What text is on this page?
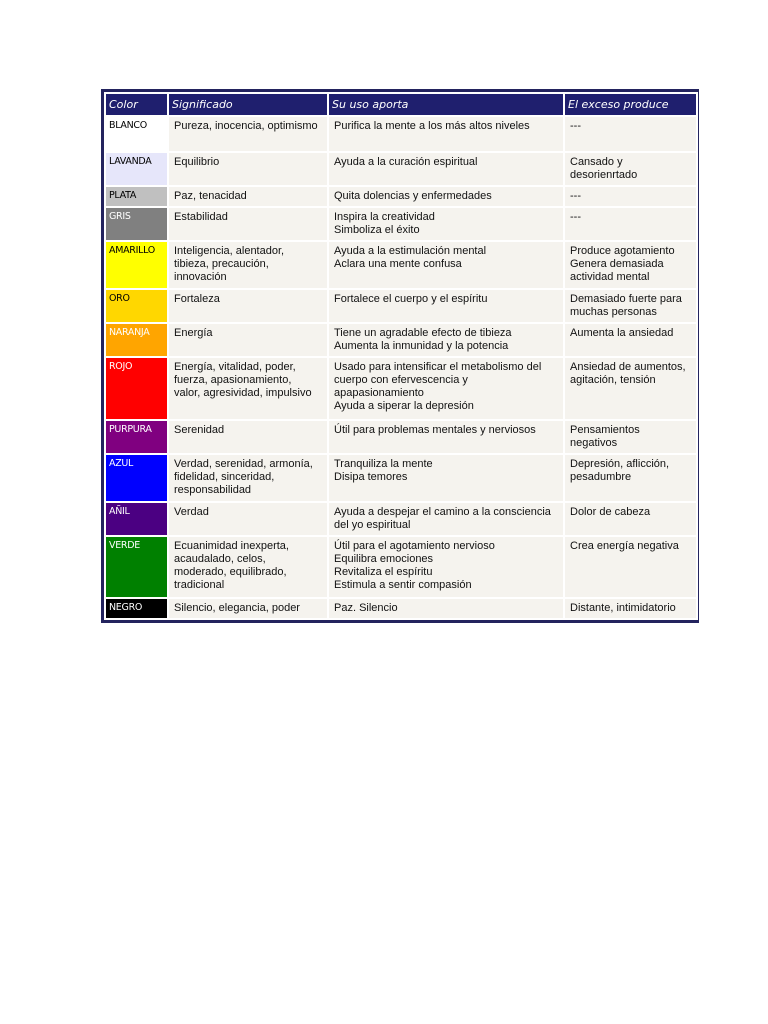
Color	Significado	Su uso aporta	El exceso produce
BLANCO	Pureza, inocencia, optimismo	Purifica la mente a los más altos niveles	---

LAVANDA	Equilibrio	Ayuda a la curación espiritual	Cansado y
desorienrtado

PLATA	Paz, tenacidad	Quita dolencias y enfermedades	---

GRIS	Estabilidad	Inspira la creatividad
Simboliza el éxito	---

AMARILLO	Inteligencia, alentador,
tibieza, precaución,
innovación	Ayuda a la estimulación mental
Aclara una mente confusa	Produce agotamiento
Genera demasiada
actividad mental

ORO	Fortaleza	Fortalece el cuerpo y el espíritu	Demasiado fuerte para
muchas personas

NARANJA	Energía	Tiene un agradable efecto de tibieza
Aumenta la inmunidad y la potencia	Aumenta la ansiedad

ROJO	Energía, vitalidad, poder,
fuerza, apasionamiento,
valor, agresividad, impulsivo	Usado para intensificar el metabolismo del
cuerpo con efervescencia y
apapasionamiento
Ayuda a siperar la depresión	Ansiedad de aumentos,
agitación, tensión

PURPURA	Serenidad	Útil para problemas mentales y nerviosos	Pensamientos
negativos

AZUL	Verdad, serenidad, armonía,
fidelidad, sinceridad,
responsabilidad	Tranquiliza la mente
Disipa temores	Depresión, aflicción,
pesadumbre

AÑIL	Verdad	Ayuda a despejar el camino a la consciencia
del yo espiritual	Dolor de cabeza

VERDE	Ecuanimidad inexperta,
acaudalado, celos,
moderado, equilibrado,
tradicional	Útil para el agotamiento nervioso
Equilibra emociones
Revitaliza el espíritu
Estimula a sentir compasión	Crea energía negativa

NEGRO	Silencio, elegancia, poder	Paz. Silencio	Distante, intimidatorio
